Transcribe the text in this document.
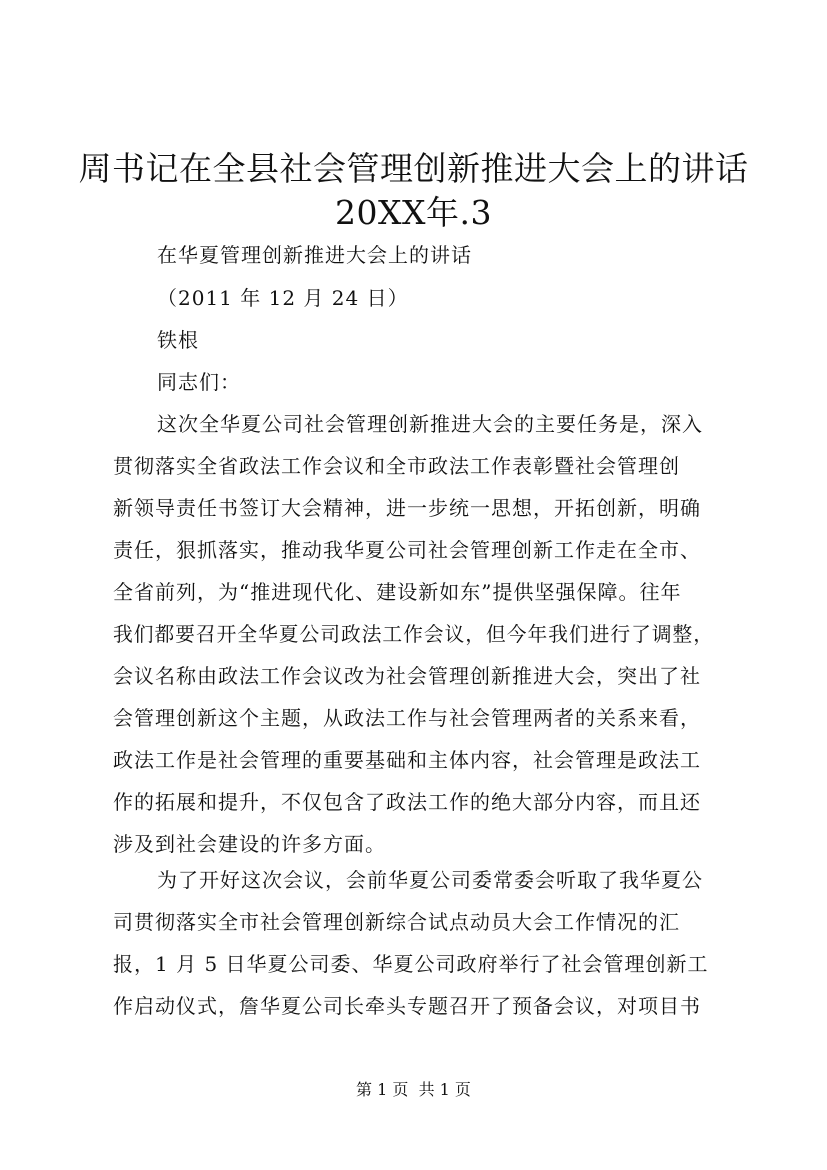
周书记在全县社会管理创新推进大会上的讲话
20XX年.3
在华夏管理创新推进大会上的讲话
（2011 年 12 月 24 日）
铁根
同志们：
这次全华夏公司社会管理创新推进大会的主要任务是，深入
贯彻落实全省政法工作会议和全市政法工作表彰暨社会管理创
新领导责任书签订大会精神，进一步统一思想，开拓创新，明确
责任，狠抓落实，推动我华夏公司社会管理创新工作走在全市、
全省前列，为“推进现代化、建设新如东”提供坚强保障。往年
我们都要召开全华夏公司政法工作会议，但今年我们进行了调整，
会议名称由政法工作会议改为社会管理创新推进大会，突出了社
会管理创新这个主题，从政法工作与社会管理两者的关系来看，
政法工作是社会管理的重要基础和主体内容，社会管理是政法工
作的拓展和提升，不仅包含了政法工作的绝大部分内容，而且还
涉及到社会建设的许多方面。
为了开好这次会议，会前华夏公司委常委会听取了我华夏公
司贯彻落实全市社会管理创新综合试点动员大会工作情况的汇
报，1 月 5 日华夏公司委、华夏公司政府举行了社会管理创新工
作启动仪式，詹华夏公司长牵头专题召开了预备会议，对项目书
第 1 页  共 1 页
